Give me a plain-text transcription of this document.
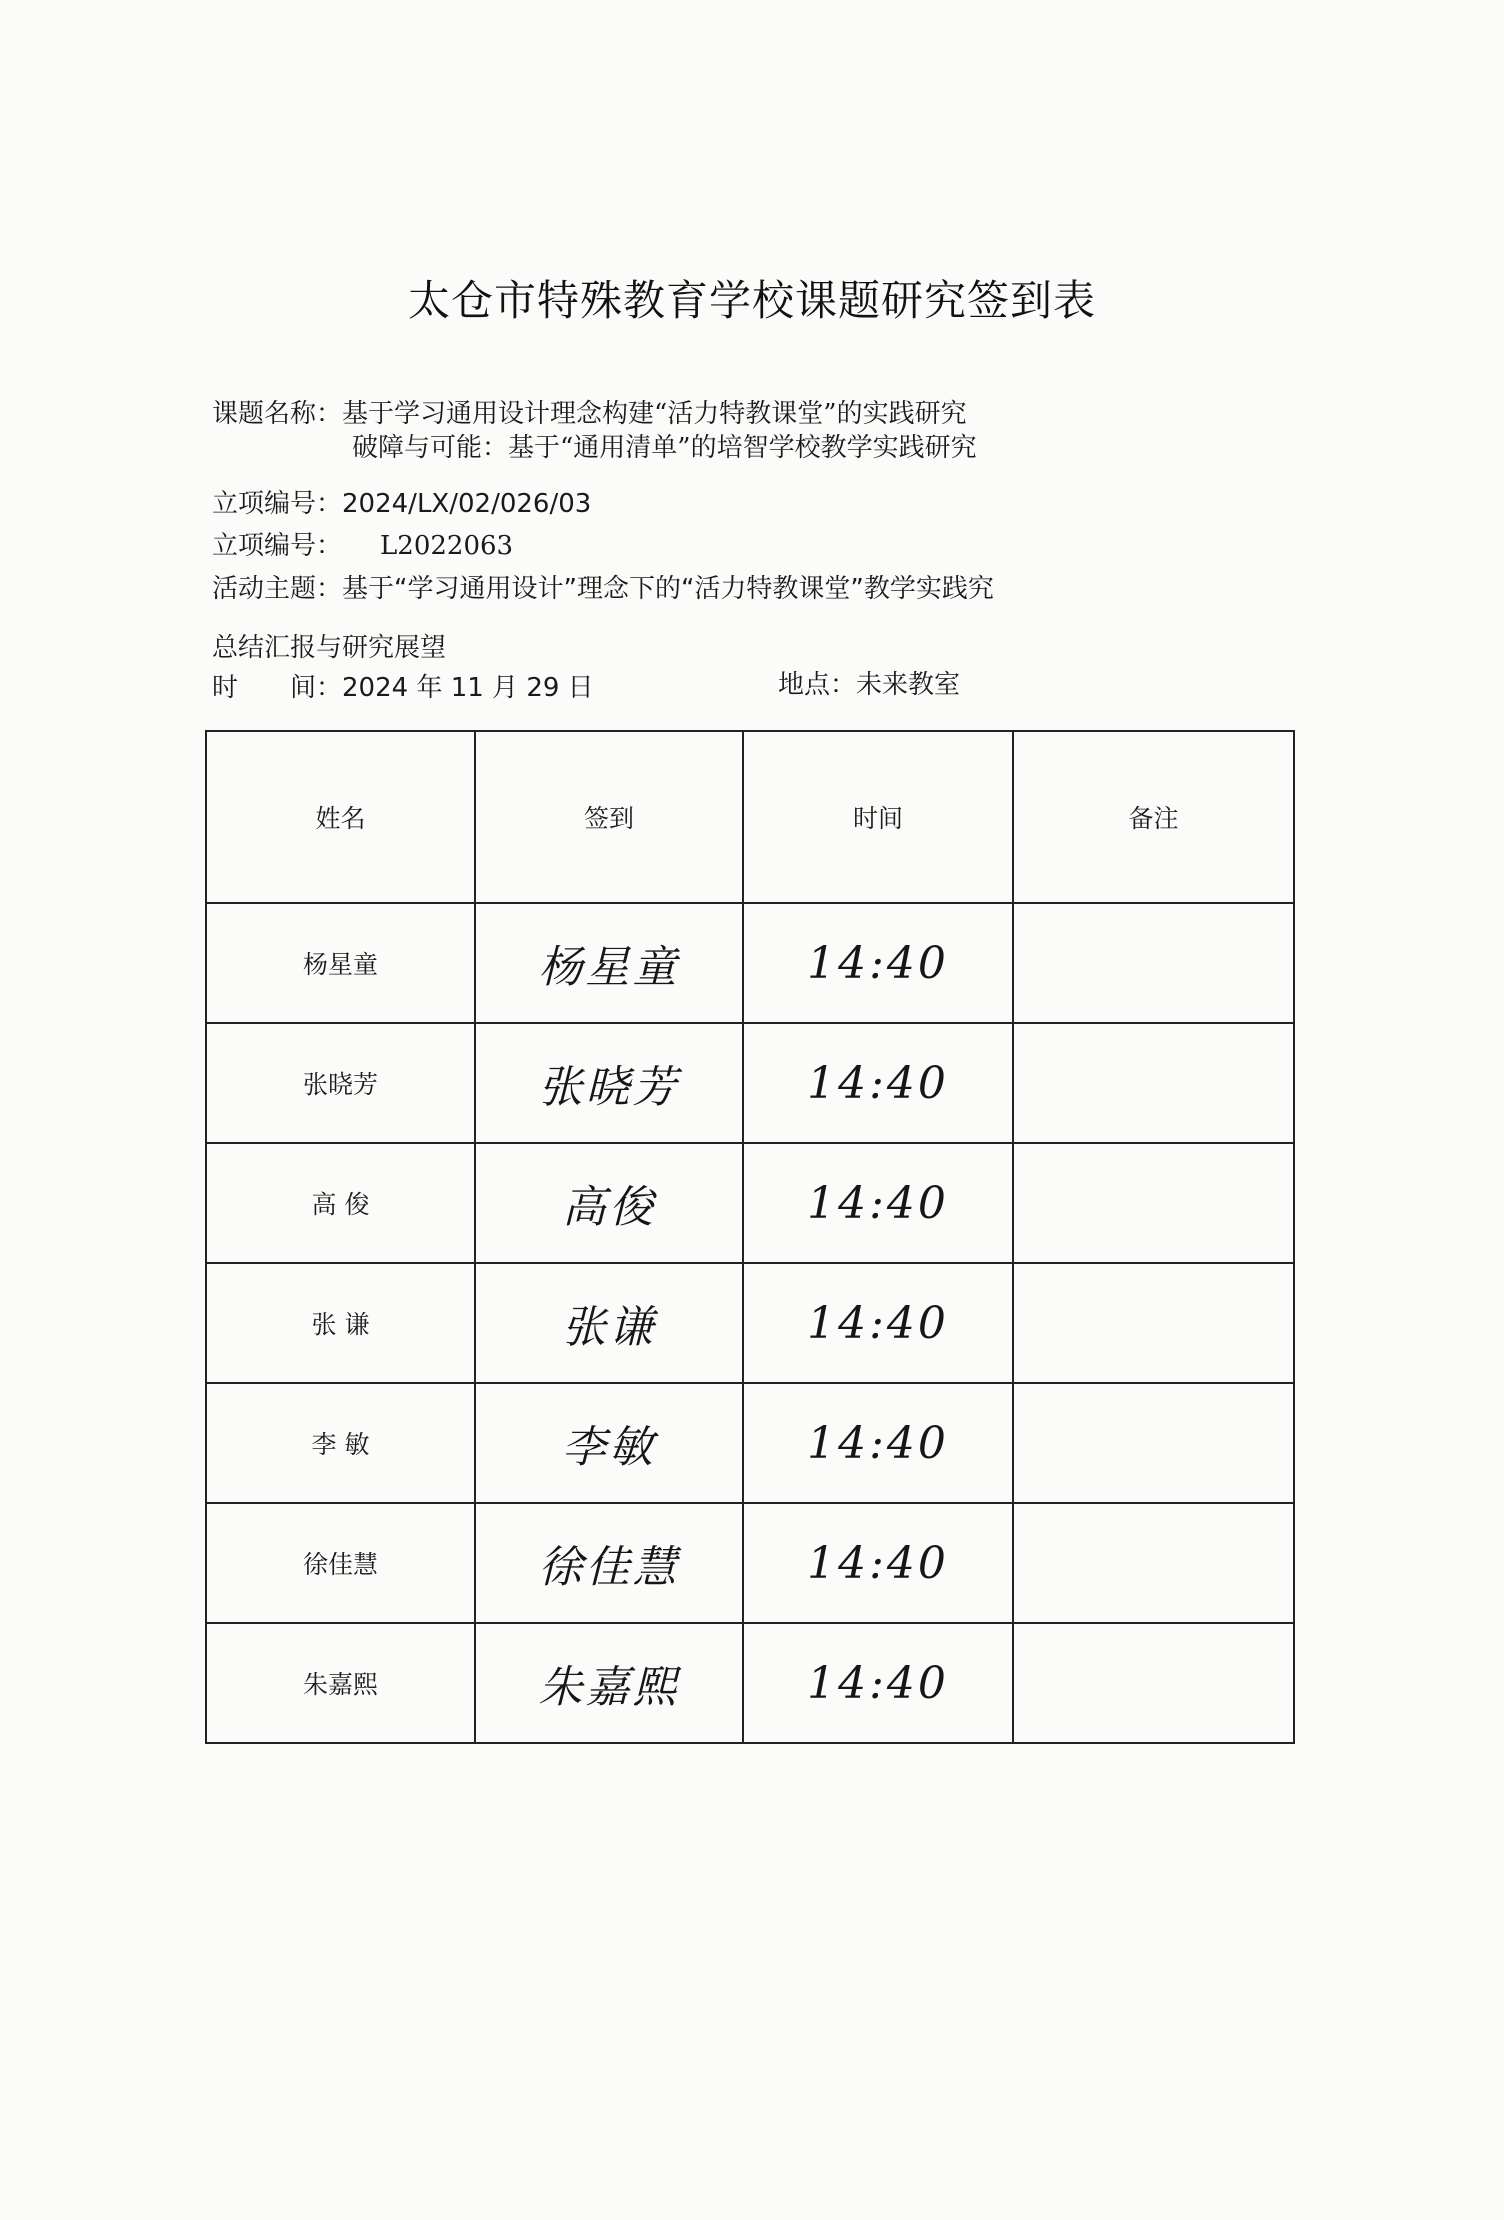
太仓市特殊教育学校课题研究签到表
课题名称：基于学习通用设计理念构建“活力特教课堂”的实践研究
破障与可能：基于“通用清单”的培智学校教学实践研究
立项编号：2024/LX/02/026/03
立项编号： L2022063
活动主题：基于“学习通用设计”理念下的“活力特教课堂”教学实践究
总结汇报与研究展望
时　　间：2024 年 11 月 29 日	地点：未来教室
姓名	签到	时间	备注
杨星童	杨星童	14:40	
张晓芳	张晓芳	14:40	
高 俊	高俊	14:40	
张 谦	张谦	14:40	
李 敏	李敏	14:40	
徐佳慧	徐佳慧	14:40	
朱嘉熙	朱嘉熙	14:40	
